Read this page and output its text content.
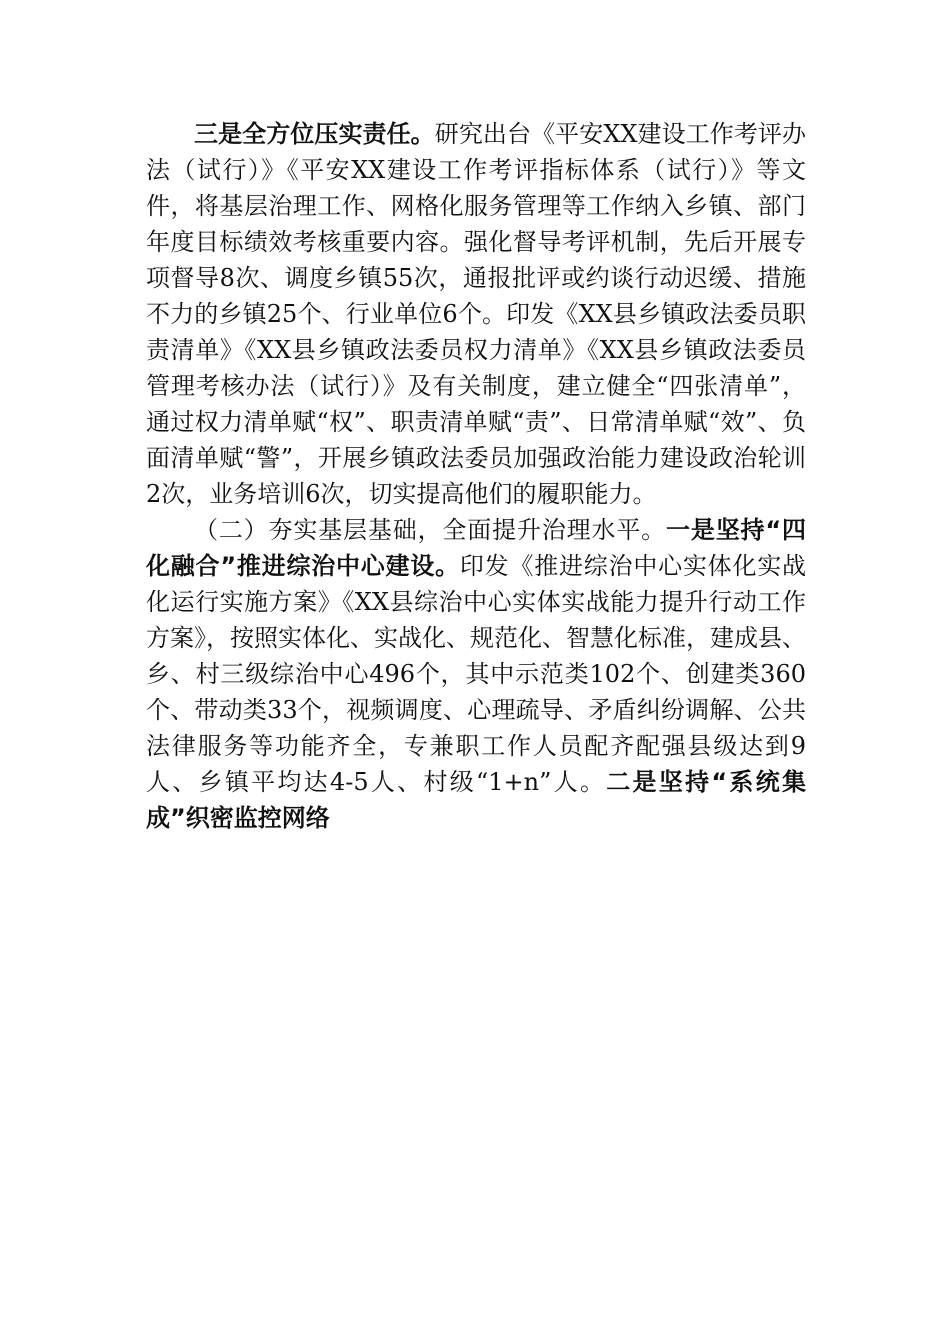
三是全方位压实责任。研究出台《平安XX建设工作考评办法（试行）》《平安XX建设工作考评指标体系（试行）》等文件，将基层治理工作、网格化服务管理等工作纳入乡镇、部门年度目标绩效考核重要内容。强化督导考评机制，先后开展专项督导8次、调度乡镇55次，通报批评或约谈行动迟缓、措施不力的乡镇25个、行业单位6个。印发《XX县乡镇政法委员职责清单》《XX县乡镇政法委员权力清单》《XX县乡镇政法委员管理考核办法（试行）》及有关制度，建立健全“四张清单”，通过权力清单赋“权”、职责清单赋“责”、日常清单赋“效”、负面清单赋“警”，开展乡镇政法委员加强政治能力建设政治轮训2次，业务培训6次，切实提高他们的履职能力。

（二）夯实基层基础，全面提升治理水平。一是坚持“四化融合”推进综治中心建设。印发《推进综治中心实体化实战化运行实施方案》《XX县综治中心实体实战能力提升行动工作方案》，按照实体化、实战化、规范化、智慧化标准，建成县、乡、村三级综治中心496个，其中示范类102个、创建类360个、带动类33个，视频调度、心理疏导、矛盾纠纷调解、公共法律服务等功能齐全，专兼职工作人员配齐配强县级达到9人、乡镇平均达4-5人、村级“1+n”人。二是坚持“系统集成”织密监控网络
